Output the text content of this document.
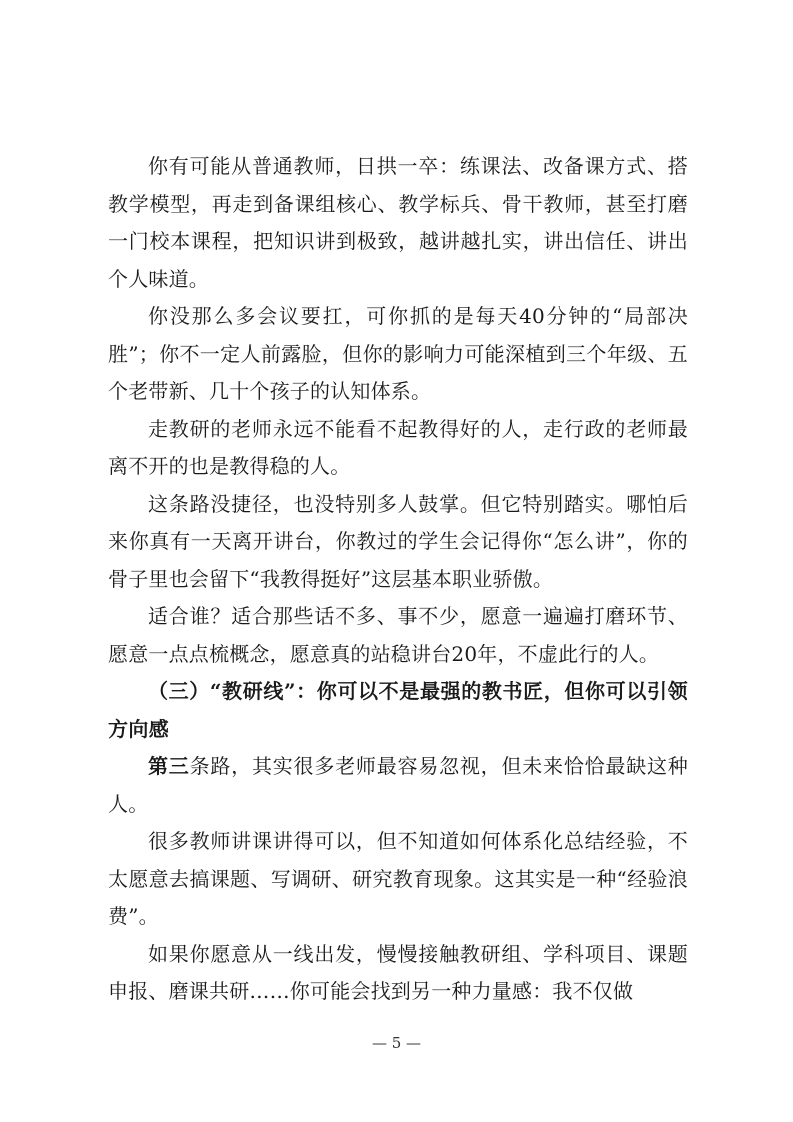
你有可能从普通教师，日拱一卒：练课法、改备课方式、搭教学模型，再走到备课组核心、教学标兵、骨干教师，甚至打磨一门校本课程，把知识讲到极致，越讲越扎实，讲出信任、讲出个人味道。

你没那么多会议要扛，可你抓的是每天40分钟的“局部决胜”；你不一定人前露脸，但你的影响力可能深植到三个年级、五个老带新、几十个孩子的认知体系。

走教研的老师永远不能看不起教得好的人，走行政的老师最离不开的也是教得稳的人。

这条路没捷径，也没特别多人鼓掌。但它特别踏实。哪怕后来你真有一天离开讲台，你教过的学生会记得你“怎么讲”，你的骨子里也会留下“我教得挺好”这层基本职业骄傲。

适合谁？适合那些话不多、事不少，愿意一遍遍打磨环节、愿意一点点梳概念，愿意真的站稳讲台20年，不虚此行的人。

（三）“教研线”：你可以不是最强的教书匠，但你可以引领方向感

第三条路，其实很多老师最容易忽视，但未来恰恰最缺这种人。

很多教师讲课讲得可以，但不知道如何体系化总结经验，不太愿意去搞课题、写调研、研究教育现象。这其实是一种“经验浪费”。

如果你愿意从一线出发，慢慢接触教研组、学科项目、课题申报、磨课共研……你可能会找到另一种力量感：我不仅做

— 5 —
